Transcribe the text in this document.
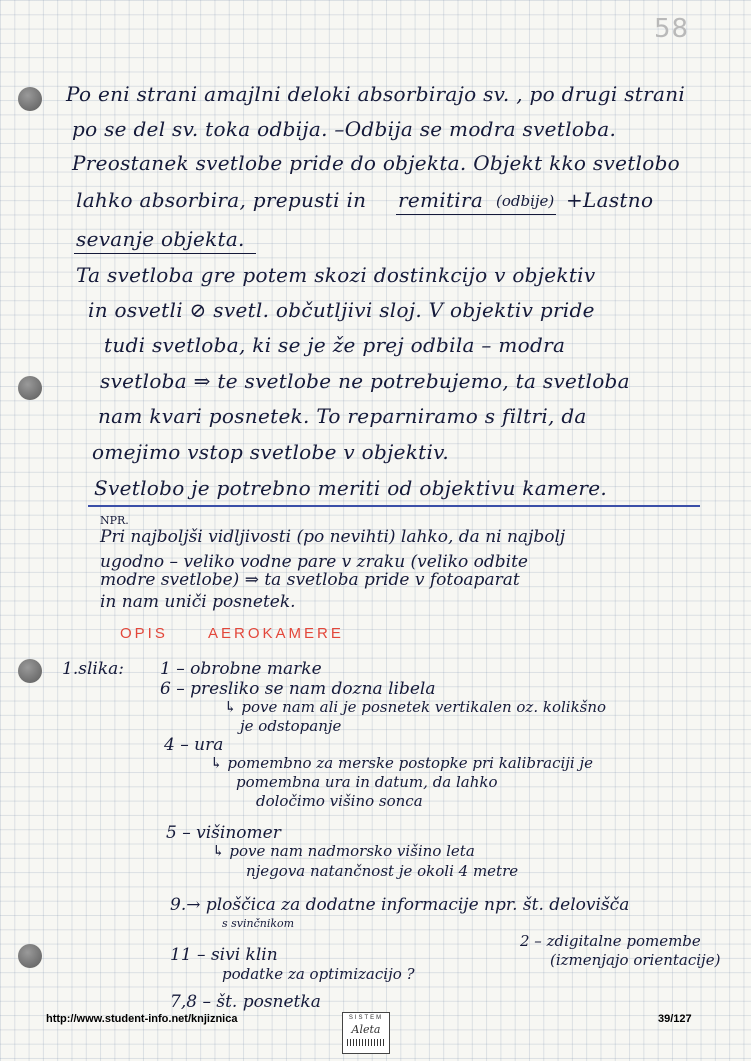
58
Po eni strani amajlni deloki absorbirajo sv. , po drugi strani
po se del sv. toka odbija. –Odbija se modra svetloba.
Preostanek svetlobe pride do objekta. Objekt kko svetlobo
lahko absorbira, prepusti in remitira (odbije) +Lastno
sevanje objekta.
Ta svetloba gre potem skozi dostinkcijo v objektiv
in osvetli ⊘ svetl. občutljivi sloj. V objektiv pride
tudi svetloba, ki se je že prej odbila – modra
svetloba ⇒ te svetlobe ne potrebujemo, ta svetloba
nam kvari posnetek. To reparniramo s filtri, da
omejimo vstop svetlobe v objektiv.
Svetlobo je potrebno meriti od objektivu kamere.
NPR.
Pri najboljši vidljivosti (po nevihti) lahko, da ni najbolj
ugodno – veliko vodne pare v zraku (veliko odbite
modre svetlobe) ⇒ ta svetloba pride v fotoaparat
in nam uniči posnetek.
OPIS	AEROKAMERE
1.slika: 1 – obrobne marke
6 – presliko se nam dozna libela
↳ pove nam ali je posnetek vertikalen oz. kolikšno
je odstopanje
4 – ura
↳ pomembno za merske postopke pri kalibraciji je
pomembna ura in datum, da lahko
določimo višino sonca
5 – višinomer
↳ pove nam nadmorsko višino leta
njegova natančnost je okoli 4 metre
9.→ ploščica za dodatne informacije npr. št. delovišča
s svinčnikom
2 – zdigitalne pomembe
(izmenjajo orientacije)
11 – sivi klin
podatke za optimizacijo ?
7,8 – št. posnetka
http://www.student-info.net/knjiznica	39/127
SISTEM
Aleta
